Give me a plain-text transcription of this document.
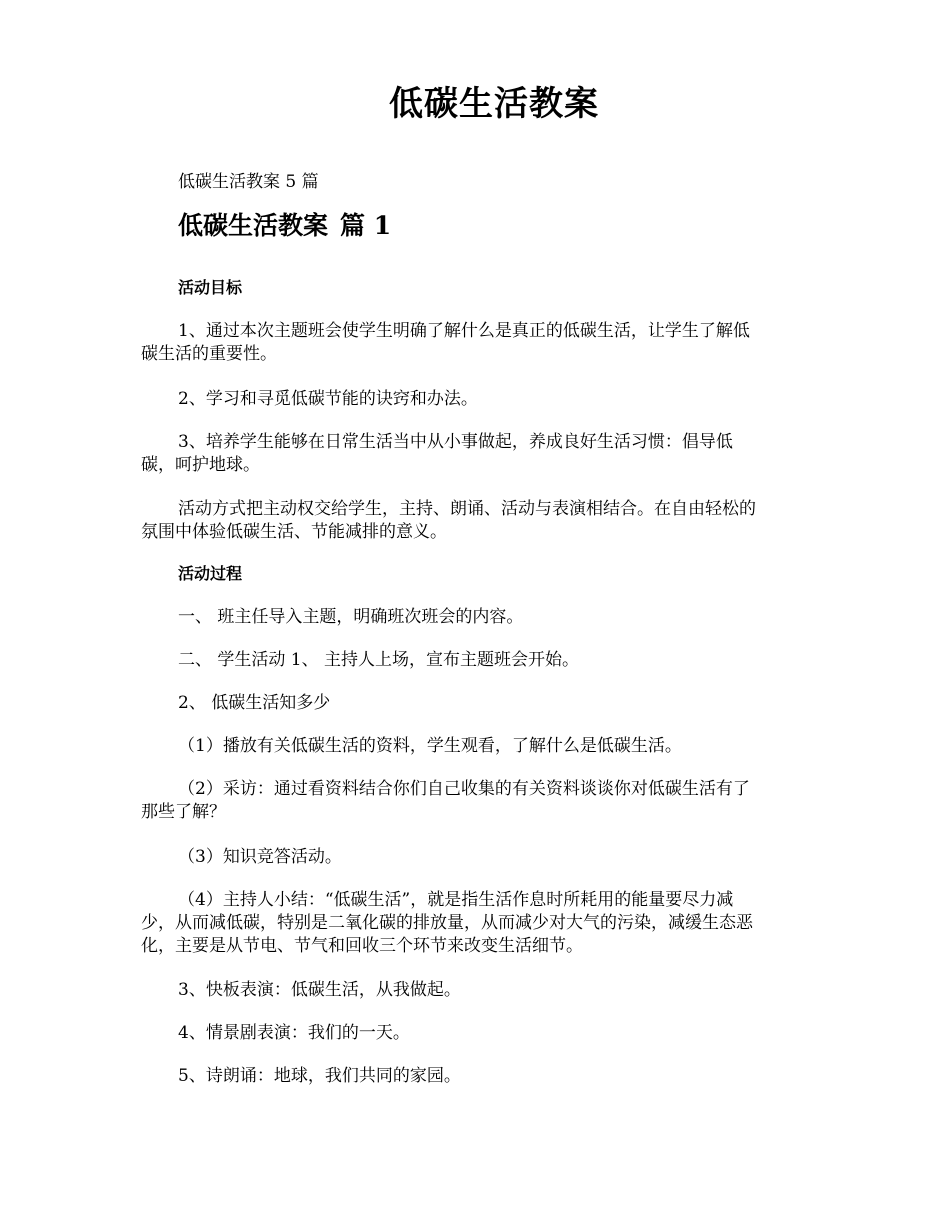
低碳生活教案

低碳生活教案 5 篇

低碳生活教案 篇 1
活动目标

1、通过本次主题班会使学生明确了解什么是真正的低碳生活，让学生了解低

碳生活的重要性。

2、学习和寻觅低碳节能的诀窍和办法。

3、培养学生能够在日常生活当中从小事做起，养成良好生活习惯：倡导低

碳，呵护地球。

活动方式把主动权交给学生，主持、朗诵、活动与表演相结合。在自由轻松的

氛围中体验低碳生活、节能减排的意义。

活动过程

一、 班主任导入主题，明确班次班会的内容。

二、 学生活动 1、 主持人上场，宣布主题班会开始。

2、 低碳生活知多少

（1）播放有关低碳生活的资料，学生观看，了解什么是低碳生活。

（2）采访：通过看资料结合你们自己收集的有关资料谈谈你对低碳生活有了

那些了解？

（3）知识竞答活动。

（4）主持人小结：“低碳生活”，就是指生活作息时所耗用的能量要尽力减

少，从而减低碳，特别是二氧化碳的排放量，从而减少对大气的污染，减缓生态恶

化，主要是从节电、节气和回收三个环节来改变生活细节。

3、快板表演：低碳生活，从我做起。

4、情景剧表演：我们的一天。

5、诗朗诵：地球，我们共同的家园。
